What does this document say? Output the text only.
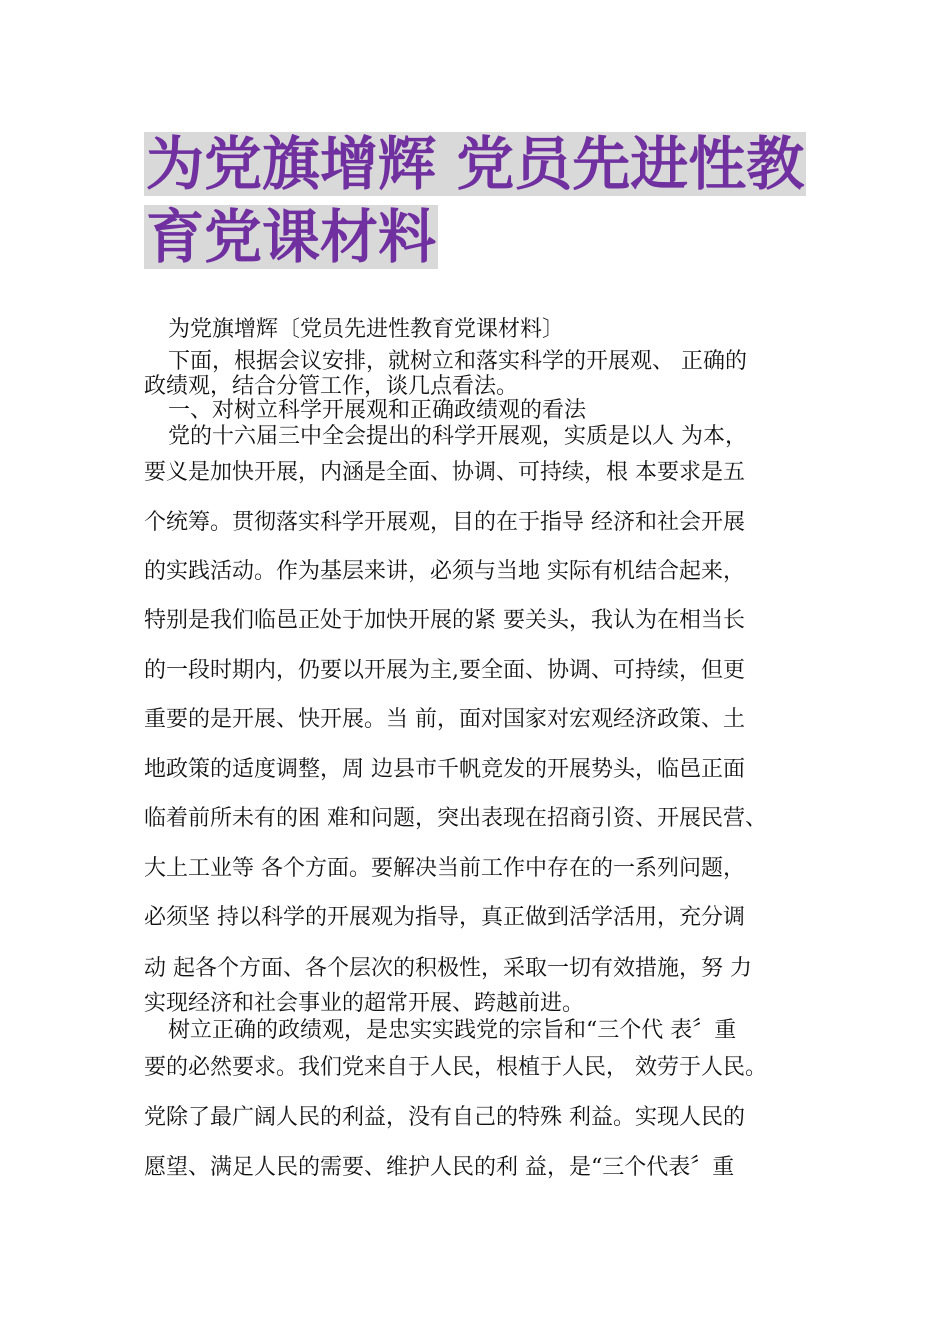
为党旗增辉 党员先进性教
育党课材料
为党旗增辉〔党员先进性教育党课材料〕
下面，根据会议安排，就树立和落实科学的开展观、 正确的
政绩观，结合分管工作，谈几点看法。
一、对树立科学开展观和正确政绩观的看法
党的十六届三中全会提出的科学开展观，实质是以人 为本，
要义是加快开展，内涵是全面、协调、可持续，根 本要求是五
个统筹。贯彻落实科学开展观，目的在于指导 经济和社会开展
的实践活动。作为基层来讲，必须与当地 实际有机结合起来，
特别是我们临邑正处于加快开展的紧 要关头，我认为在相当长
的一段时期内，仍要以开展为主,要全面、协调、可持续，但更
重要的是开展、快开展。当 前，面对国家对宏观经济政策、土
地政策的适度调整，周 边县市千帆竞发的开展势头，临邑正面
临着前所未有的困 难和问题，突出表现在招商引资、开展民营、
大上工业等 各个方面。要解决当前工作中存在的一系列问题，
必须坚 持以科学的开展观为指导，真正做到活学活用，充分调
动 起各个方面、各个层次的积极性，采取一切有效措施，努 力
实现经济和社会事业的超常开展、跨越前进。
树立正确的政绩观，是忠实实践党的宗旨和“三个代 表〞重
要的必然要求。我们党来自于人民，根植于人民， 效劳于人民。
党除了最广阔人民的利益，没有自己的特殊 利益。实现人民的
愿望、满足人民的需要、维护人民的利 益，是“三个代表〞重
